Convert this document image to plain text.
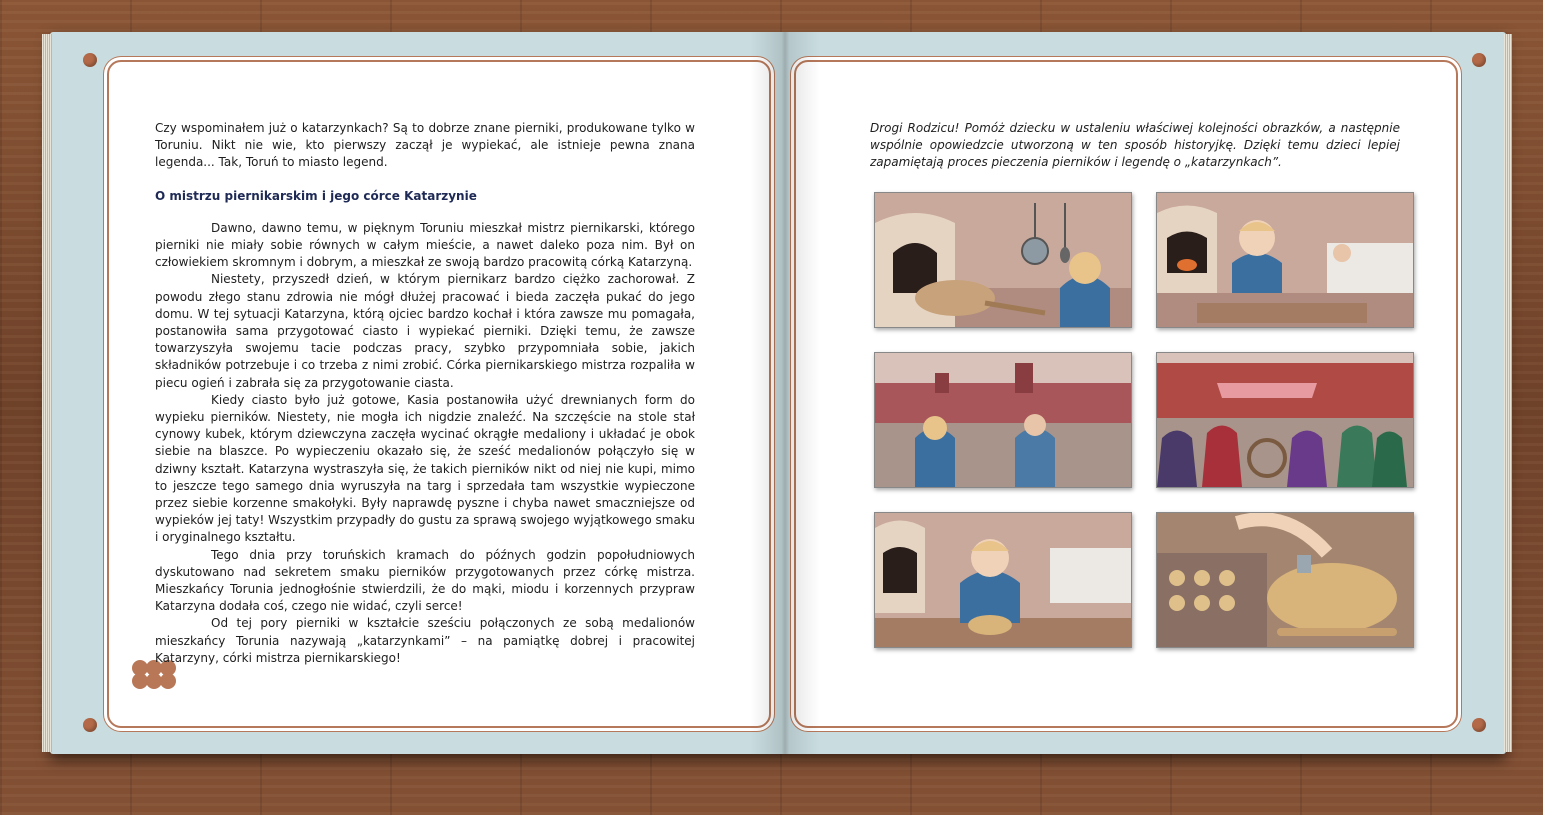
Czy wspominałem już o katarzynkach? Są to dobrze znane pierniki, produkowane tylko w Toruniu. Nikt nie wie, kto pierwszy zaczął je wypiekać, ale istnieje pewna znana legenda... Tak, Toruń to miasto legend.

O mistrzu piernikarskim i jego córce Katarzynie

Dawno, dawno temu, w pięknym Toruniu mieszkał mistrz piernikarski, którego pierniki nie miały sobie równych w całym mieście, a nawet daleko poza nim. Był on człowiekiem skromnym i dobrym, a mieszkał ze swoją bardzo pracowitą córką Katarzyną.

Niestety, przyszedł dzień, w którym piernikarz bardzo ciężko zachorował. Z powodu złego stanu zdrowia nie mógł dłużej pracować i bieda zaczęła pukać do jego domu. W tej sytuacji Katarzyna, którą ojciec bardzo kochał i która zawsze mu pomagała, postanowiła sama przygotować ciasto i wypiekać pierniki. Dzięki temu, że zawsze towarzyszyła swojemu tacie podczas pracy, szybko przypomniała sobie, jakich składników potrzebuje i co trzeba z nimi zrobić. Córka piernikarskiego mistrza rozpaliła w piecu ogień i zabrała się za przygotowanie ciasta.

Kiedy ciasto było już gotowe, Kasia postanowiła użyć drewnianych form do wypieku pierników. Niestety, nie mogła ich nigdzie znaleźć. Na szczęście na stole stał cynowy kubek, którym dziewczyna zaczęła wycinać okrągłe medaliony i układać je obok siebie na blaszce. Po wypieczeniu okazało się, że sześć medalionów połączyło się w dziwny kształt. Katarzyna wystraszyła się, że takich pierników nikt od niej nie kupi, mimo to jeszcze tego samego dnia wyruszyła na targ i sprzedała tam wszystkie wypieczone przez siebie korzenne smakołyki. Były naprawdę pyszne i chyba nawet smaczniejsze od wypieków jej taty! Wszystkim przypadły do gustu za sprawą swojego wyjątkowego smaku i oryginalnego kształtu.

Tego dnia przy toruńskich kramach do późnych godzin popołudniowych dyskutowano nad sekretem smaku pierników przygotowanych przez córkę mistrza. Mieszkańcy Torunia jednogłośnie stwierdzili, że do mąki, miodu i korzennych przypraw Katarzyna dodała coś, czego nie widać, czyli serce!

Od tej pory pierniki w kształcie sześciu połączonych ze sobą medalionów mieszkańcy Torunia nazywają „katarzynkami” – na pamiątkę dobrej i pracowitej Katarzyny, córki mistrza piernikarskiego!

Drogi Rodzicu! Pomóż dziecku w ustaleniu właściwej kolejności obrazków, a następnie wspólnie opowiedzcie utworzoną w ten sposób historyjkę. Dzięki temu dzieci lepiej zapamiętają proces pieczenia pierników i legendę o „katarzynkach”.
